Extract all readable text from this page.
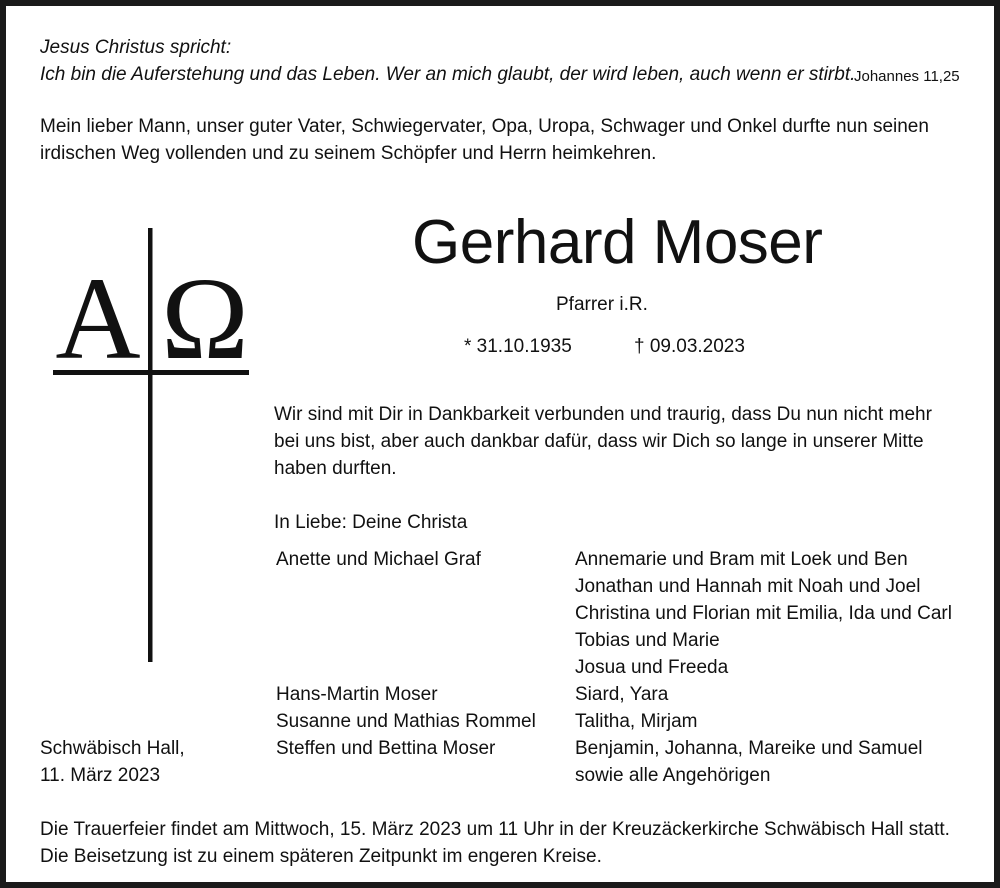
Jesus Christus spricht:
Ich bin die Auferstehung und das Leben. Wer an mich glaubt, der wird leben, auch wenn er stirbt.
Johannes 11,25
Mein lieber Mann, unser guter Vater, Schwiegervater, Opa, Uropa, Schwager und Onkel durfte nun seinen
irdischen Weg vollenden und zu seinem Schöpfer und Herrn heimkehren.
A Ω
Gerhard Moser
Pfarrer i.R.
* 31.10.1935	† 09.03.2023
Wir sind mit Dir in Dankbarkeit verbunden und traurig, dass Du nun nicht mehr
bei uns bist, aber auch dankbar dafür, dass wir Dich so lange in unserer Mitte
haben durften.
In Liebe: Deine Christa
Anette und Michael Graf
Hans-Martin Moser
Susanne und Mathias Rommel
Steffen und Bettina Moser
Annemarie und Bram mit Loek und Ben
Jonathan und Hannah mit Noah und Joel
Christina und Florian mit Emilia, Ida und Carl
Tobias und Marie
Josua und Freeda
Siard, Yara
Talitha, Mirjam
Benjamin, Johanna, Mareike und Samuel
sowie alle Angehörigen
Schwäbisch Hall,
11. März 2023
Die Trauerfeier findet am Mittwoch, 15. März 2023 um 11 Uhr in der Kreuzäckerkirche Schwäbisch Hall statt.
Die Beisetzung ist zu einem späteren Zeitpunkt im engeren Kreise.
